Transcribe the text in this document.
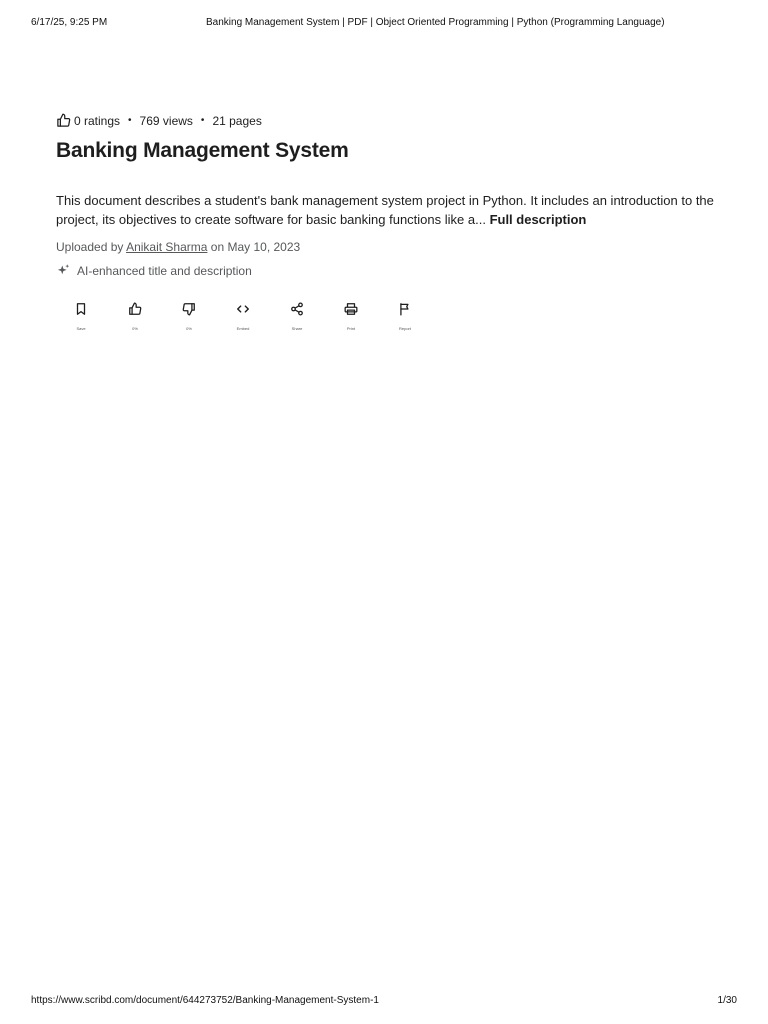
6/17/25, 9:25 PM	Banking Management System | PDF | Object Oriented Programming | Python (Programming Language)
0 ratings • 769 views • 21 pages
Banking Management System
This document describes a student's bank management system project in Python. It includes an introduction to the project, its objectives to create software for basic banking functions like a... Full description
Uploaded by Anikait Sharma on May 10, 2023
AI-enhanced title and description
Save	0%	0%	Embed	Share	Print	Report
https://www.scribd.com/document/644273752/Banking-Management-System-1	1/30
